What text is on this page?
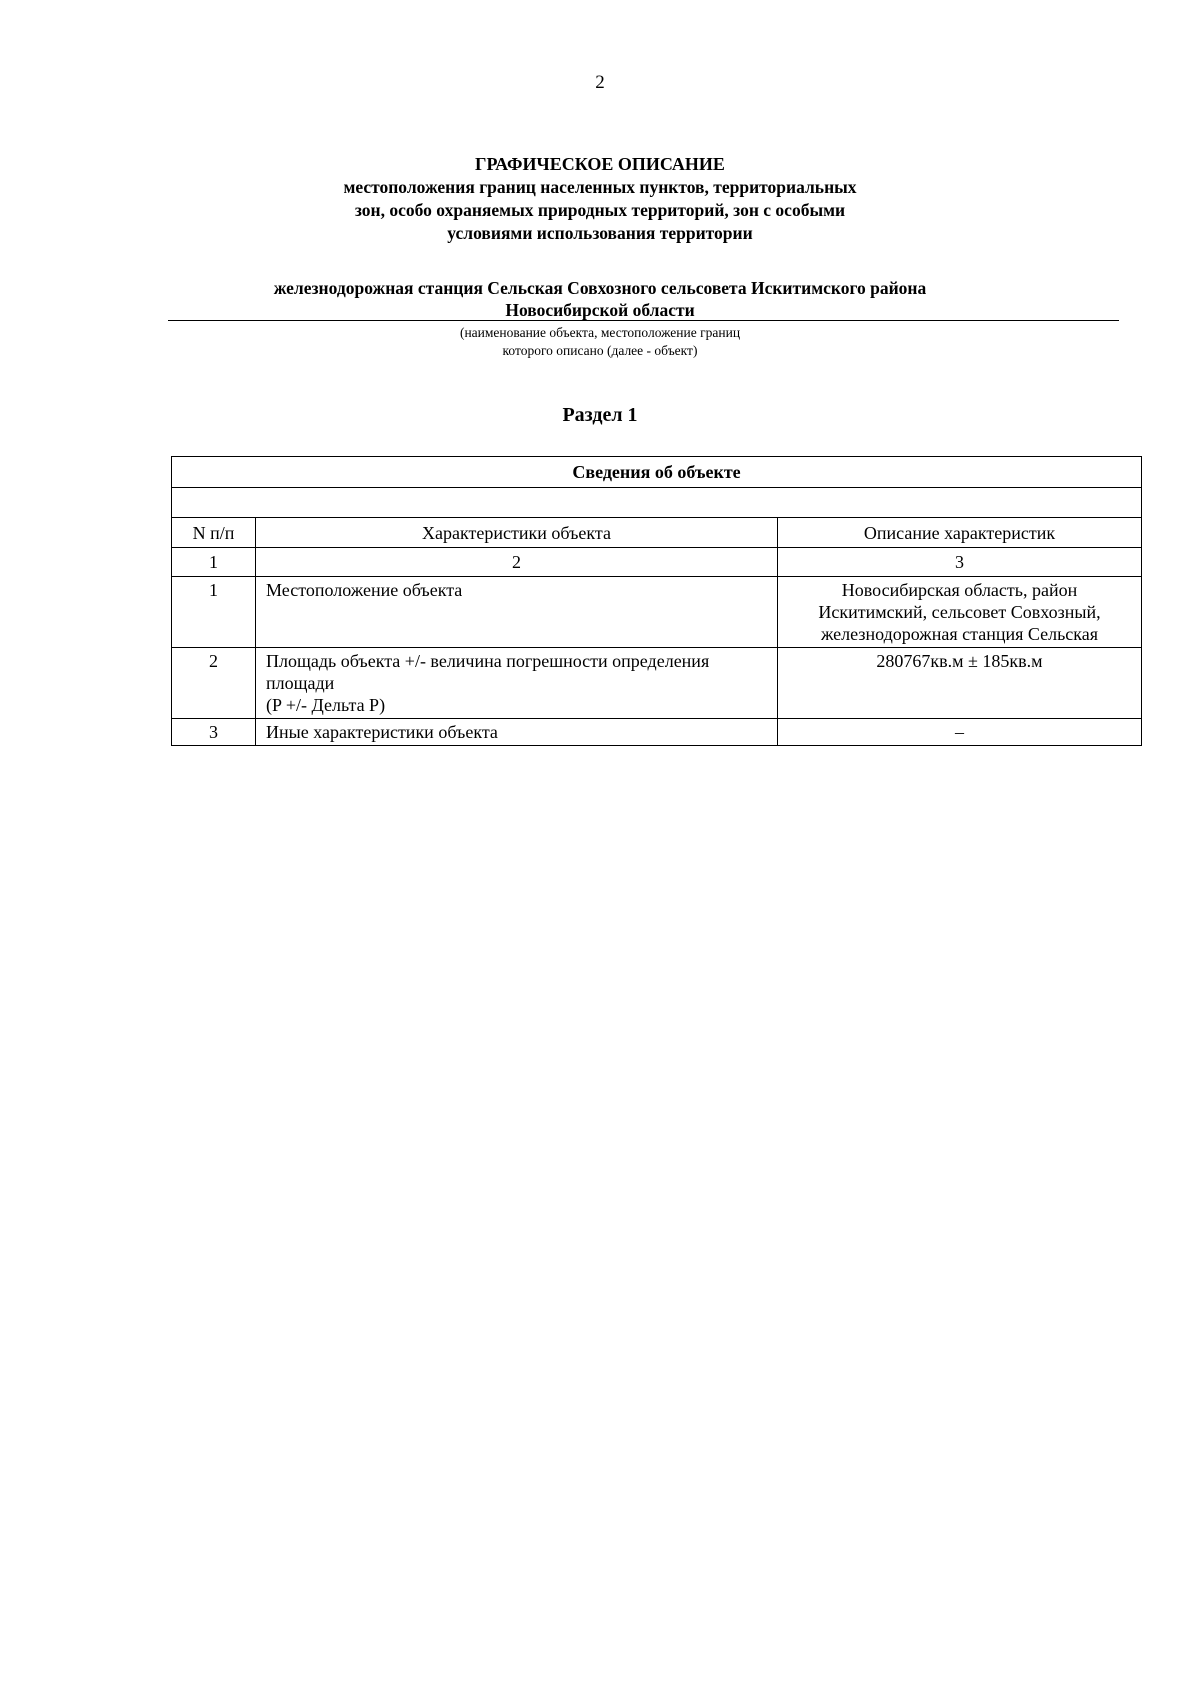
2
ГРАФИЧЕСКОЕ ОПИСАНИЕ
местоположения границ населенных пунктов, территориальных
зон, особо охраняемых природных территорий, зон с особыми
условиями использования территории
железнодорожная станция Сельская Совхозного сельсовета Искитимского района
Новосибирской области
(наименование объекта, местоположение границ
которого описано (далее - объект)
Раздел 1
Сведения об объекте		

N п/п	Характеристики объекта	Описание характеристик
1	2	3
1	Местоположение объекта	Новосибирская область, район
Искитимский, сельсовет Совхозный,
железнодорожная станция Сельская

2	Площадь объекта +/- величина погрешности определения
площади
(P +/- Дельта P)	280767кв.м ± 185кв.м
3	Иные характеристики объекта	–
